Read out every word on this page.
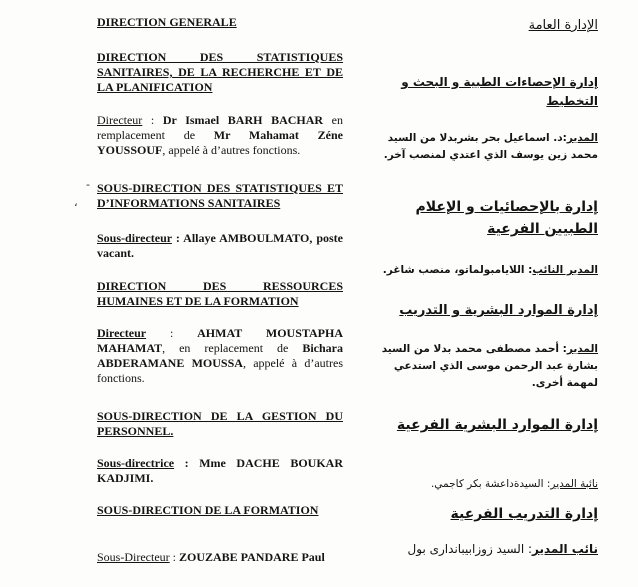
DIRECTION GENERALE
DIRECTION DES STATISTIQUES SANITAIRES, DE LA RECHERCHE ET DE LA PLANIFICATION
Directeur : Dr Ismael BARH BACHAR en remplacement de Mr Mahamat Zéne YOUSSOUF, appelé à d’autres fonctions.
-
،
SOUS-DIRECTION DES STATISTIQUES ET D’INFORMATIONS SANITAIRES
Sous-directeur : Allaye AMBOULMATO, poste vacant.
DIRECTION DES RESSOURCES HUMAINES ET DE LA FORMATION
Directeur : AHMAT MOUSTAPHA MAHAMAT, en replacement de Bichara ABDERAMANE MOUSSA, appelé à d’autres fonctions.
SOUS-DIRECTION DE LA GESTION DU PERSONNEL.
Sous-directrice : Mme DACHE BOUKAR KADJIMI.
SOUS-DIRECTION DE LA FORMATION
Sous-Directeur : ZOUZABE PANDARE Paul
الإدارة العامة
إدارة الإحصاءات الطبية و البحث و التخطيط
المدير:د. اسماعيل بحر بشربدلا من السيد محمد زين يوسف الذي اعتدي لمنصب آخر.
إدارة بالإحصائيات و الإعلام الطبيين الفرعية
المدير النائب: اللايامبولماتو، منصب شاغر.
إدارة الموارد البشرية و التدريب
المدير: أحمد مصطفى محمد بدلا من السيد بشارة عبد الرحمن موسى الذي استدعي لمهمة أخرى.
إدارة الموارد البشرية الفرعية
نائبة المدير: السيدةداعشة بكر كاجمي.
إدارة التدريب الفرعية
نائب المدير: السيد زوزابيباندارى بول
